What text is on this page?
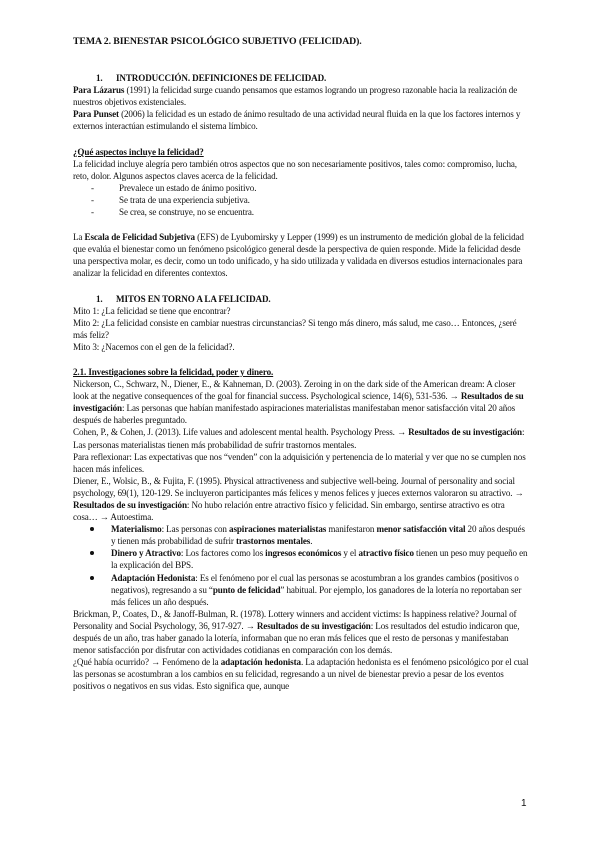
TEMA 2. BIENESTAR PSICOLÓGICO SUBJETIVO (FELICIDAD).

1. INTRODUCCIÓN. DEFINICIONES DE FELICIDAD.

Para Lázarus (1991) la felicidad surge cuando pensamos que estamos logrando un progreso razonable hacia la realización de nuestros objetivos existenciales.

Para Punset (2006) la felicidad es un estado de ánimo resultado de una actividad neural fluida en la que los factores internos y externos interactúan estimulando el sistema límbico.

¿Qué aspectos incluye la felicidad?

La felicidad incluye alegría pero también otros aspectos que no son necesariamente positivos, tales como: compromiso, lucha, reto, dolor. Algunos aspectos claves acerca de la felicidad.

- Prevalece un estado de ánimo positivo.
- Se trata de una experiencia subjetiva.
- Se crea, se construye, no se encuentra.

La Escala de Felicidad Subjetiva (EFS) de Lyubomirsky y Lepper (1999) es un instrumento de medición global de la felicidad que evalúa el bienestar como un fenómeno psicológico general desde la perspectiva de quien responde. Mide la felicidad desde una perspectiva molar, es decir, como un todo unificado, y ha sido utilizada y validada en diversos estudios internacionales para analizar la felicidad en diferentes contextos.

1. MITOS EN TORNO A LA FELICIDAD.

Mito 1: ¿La felicidad se tiene que encontrar?

Mito 2: ¿La felicidad consiste en cambiar nuestras circunstancias? Si tengo más dinero, más salud, me caso… Entonces, ¿seré más feliz?

Mito 3: ¿Nacemos con el gen de la felicidad?.

2.1. Investigaciones sobre la felicidad, poder y dinero.

Nickerson, C., Schwarz, N., Diener, E., & Kahneman, D. (2003). Zeroing in on the dark side of the American dream: A closer look at the negative consequences of the goal for financial success. Psychological science, 14(6), 531-536. → Resultados de su investigación: Las personas que habían manifestado aspiraciones materialistas manifestaban menor satisfacción vital 20 años después de haberles preguntado.

Cohen, P., & Cohen, J. (2013). Life values and adolescent mental health. Psychology Press. → Resultados de su investigación: Las personas materialistas tienen más probabilidad de sufrir trastornos mentales.

Para reflexionar: Las expectativas que nos “venden” con la adquisición y pertenencia de lo material y ver que no se cumplen nos hacen más infelices.

Diener, E., Wolsic, B., & Fujita, F. (1995). Physical attractiveness and subjective well-being. Journal of personality and social psychology, 69(1), 120-129. Se incluyeron participantes más felices y menos felices y jueces externos valoraron su atractivo. → Resultados de su investigación: No hubo relación entre atractivo físico y felicidad. Sin embargo, sentirse atractivo es otra cosa… → Autoestima.

Materialismo: Las personas con aspiraciones materialistas manifestaron menor satisfacción vital 20 años después y tienen más probabilidad de sufrir trastornos mentales.
Dinero y Atractivo: Los factores como los ingresos económicos y el atractivo físico tienen un peso muy pequeño en la explicación del BPS.
Adaptación Hedonista: Es el fenómeno por el cual las personas se acostumbran a los grandes cambios (positivos o negativos), regresando a su “punto de felicidad” habitual. Por ejemplo, los ganadores de la lotería no reportaban ser más felices un año después.

Brickman, P., Coates, D., & Janoff-Bulman, R. (1978). Lottery winners and accident victims: Is happiness relative? Journal of Personality and Social Psychology, 36, 917-927. → Resultados de su investigación: Los resultados del estudio indicaron que, después de un año, tras haber ganado la lotería, informaban que no eran más felices que el resto de personas y manifestaban menor satisfacción por disfrutar con actividades cotidianas en comparación con los demás.

¿Qué había ocurrido? → Fenómeno de la adaptación hedonista. La adaptación hedonista es el fenómeno psicológico por el cual las personas se acostumbran a los cambios en su felicidad, regresando a un nivel de bienestar previo a pesar de los eventos positivos o negativos en sus vidas. Esto significa que, aunque

1
